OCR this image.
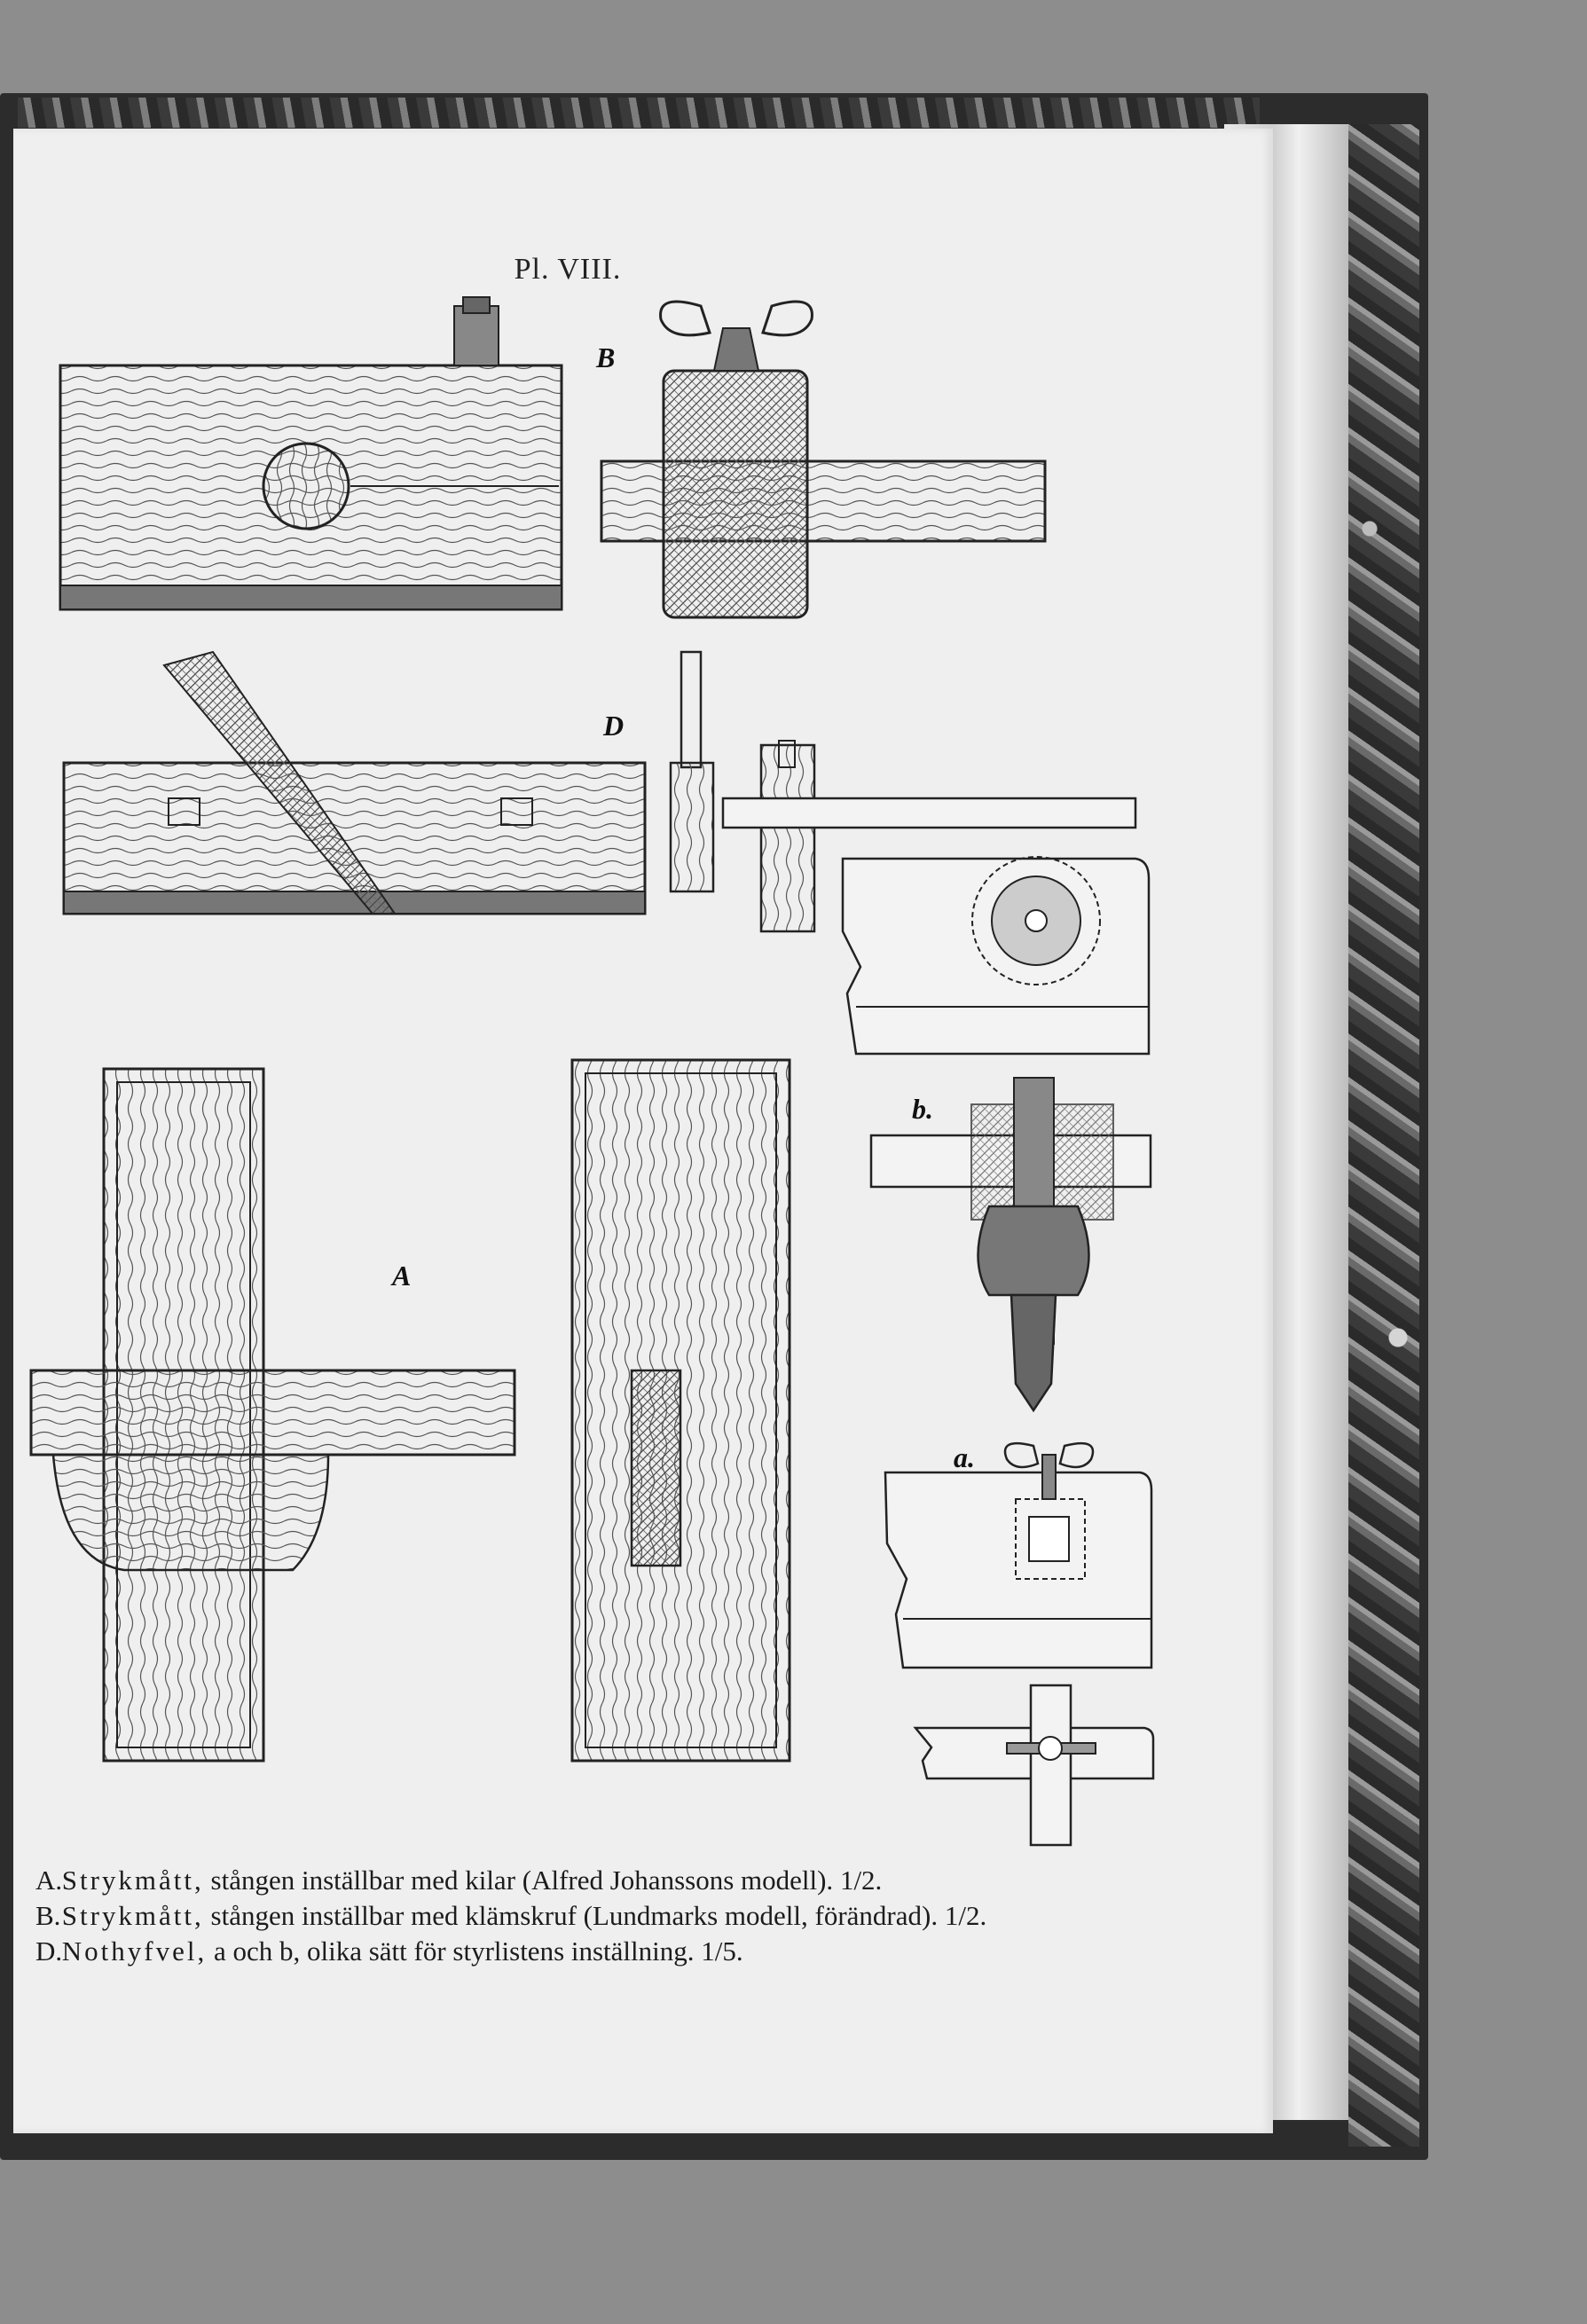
Pl. VIII.
B
D
A
b.
a.
A. Strykmått, stången inställbar med kilar (Alfred Johanssons modell). 1/2.
B. Strykmått, stången inställbar med klämskruf (Lundmarks modell, förändrad). 1/2.
D. Nothyfvel, a och b, olika sätt för styrlistens inställning. 1/5.
